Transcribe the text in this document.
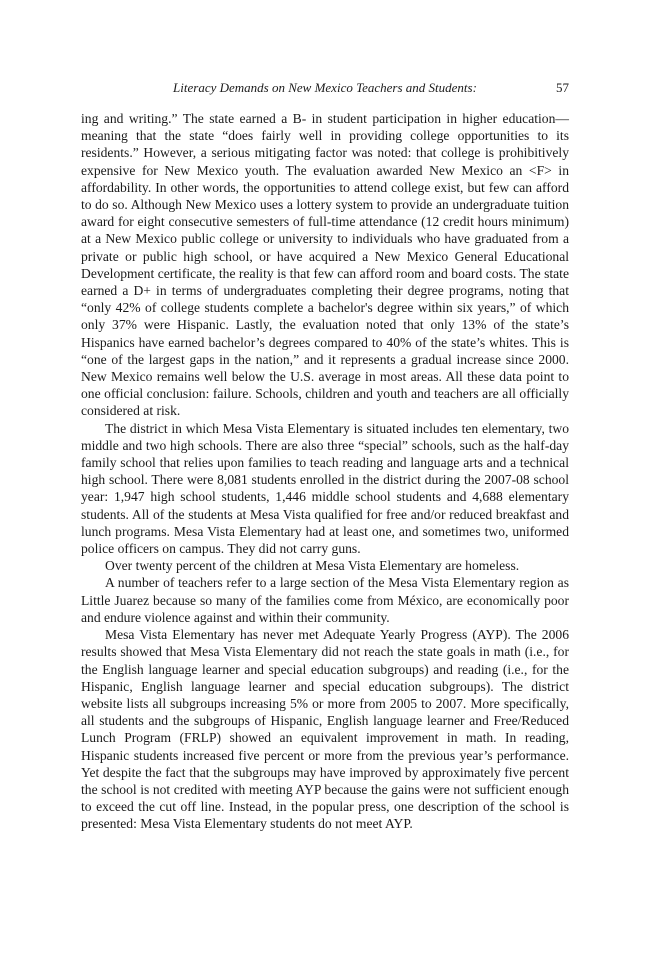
Literacy Demands on New Mexico Teachers and Students:	57

ing and writing.” The state earned a B- in student participation in higher education—meaning that the state “does fairly well in providing college opportunities to its residents.” However, a serious mitigating factor was noted: that college is prohibitively expensive for New Mexico youth. The evaluation awarded New Mexico an <F> in affordability. In other words, the opportunities to attend college exist, but few can afford to do so. Although New Mexico uses a lottery system to provide an undergraduate tuition award for eight consecutive semesters of full-time attendance (12 credit hours minimum) at a New Mexico public college or university to individuals who have graduated from a private or public high school, or have acquired a New Mexico General Educational Development certificate, the reality is that few can afford room and board costs. The state earned a D+ in terms of undergraduates completing their degree programs, noting that “only 42% of college students complete a bachelor's degree within six years,” of which only 37% were Hispanic. Lastly, the evaluation noted that only 13% of the state’s Hispanics have earned bachelor’s degrees compared to 40% of the state’s whites. This is “one of the largest gaps in the nation,” and it represents a gradual increase since 2000. New Mexico remains well below the U.S. average in most areas. All these data point to one official conclusion: failure. Schools, children and youth and teachers are all officially considered at risk.

The district in which Mesa Vista Elementary is situated includes ten elementary, two middle and two high schools. There are also three “special” schools, such as the half-day family school that relies upon families to teach reading and language arts and a technical high school. There were 8,081 students enrolled in the district during the 2007-08 school year: 1,947 high school students, 1,446 middle school students and 4,688 elementary students. All of the students at Mesa Vista qualified for free and/or reduced breakfast and lunch programs. Mesa Vista Elementary had at least one, and sometimes two, uniformed police officers on campus. They did not carry guns.

Over twenty percent of the children at Mesa Vista Elementary are homeless.

A number of teachers refer to a large section of the Mesa Vista Elementary region as Little Juarez because so many of the families come from México, are economically poor and endure violence against and within their community.

Mesa Vista Elementary has never met Adequate Yearly Progress (AYP). The 2006 results showed that Mesa Vista Elementary did not reach the state goals in math (i.e., for the English language learner and special education subgroups) and reading (i.e., for the Hispanic, English language learner and special education subgroups). The district website lists all subgroups increasing 5% or more from 2005 to 2007. More specifically, all students and the subgroups of Hispanic, English language learner and Free/Reduced Lunch Program (FRLP) showed an equivalent improvement in math. In reading, Hispanic students increased five percent or more from the previous year’s performance. Yet despite the fact that the subgroups may have improved by approximately five percent the school is not credited with meeting AYP because the gains were not sufficient enough to exceed the cut off line. Instead, in the popular press, one description of the school is presented: Mesa Vista Elementary students do not meet AYP.
